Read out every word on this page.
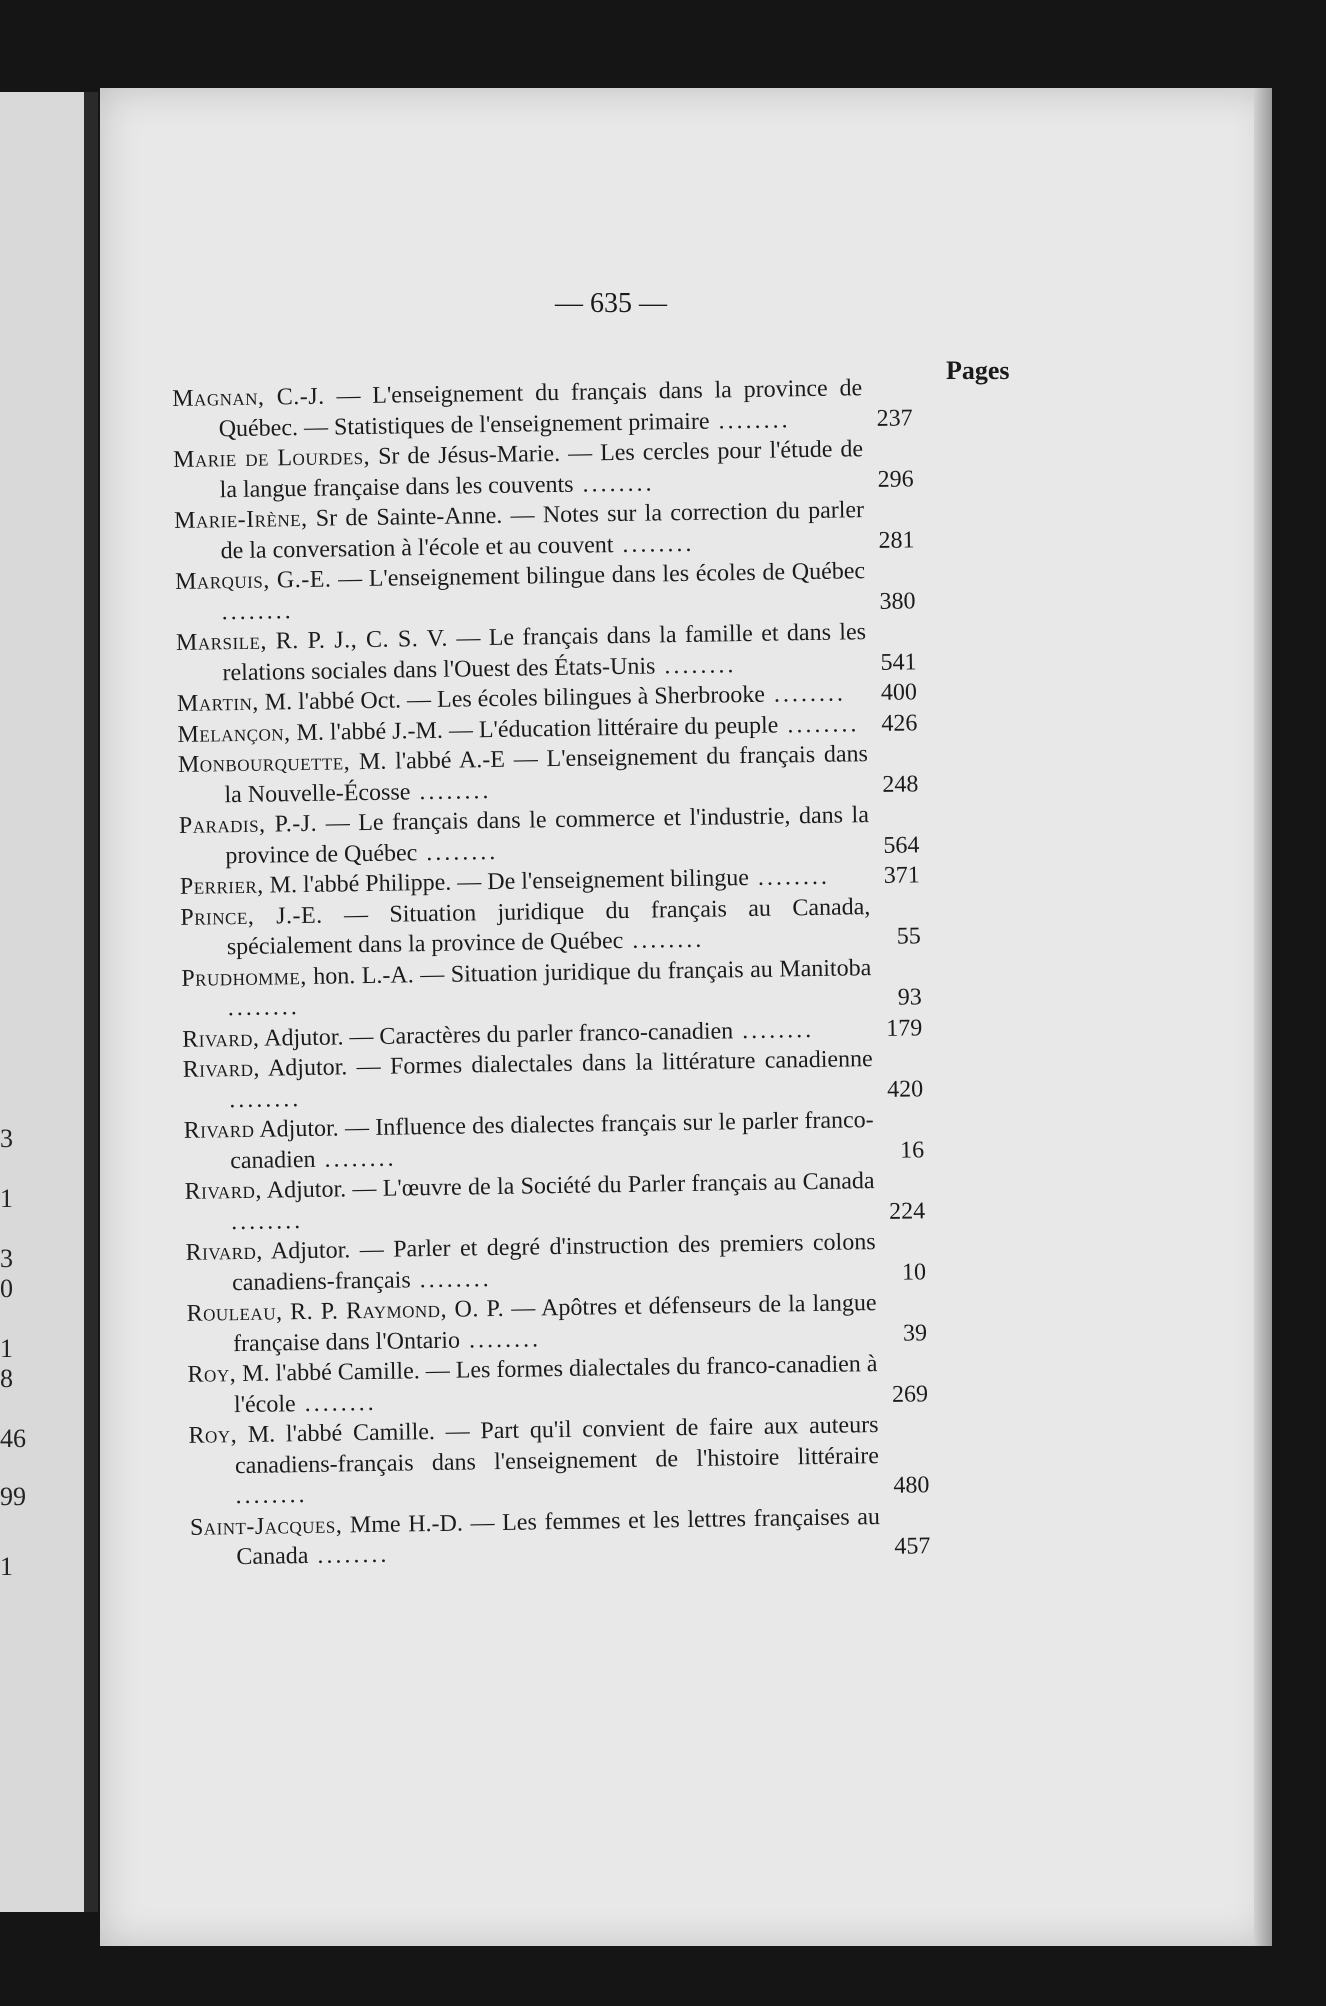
3
1
3
0
1
8
46
99
1
— 635 —
Pages
Magnan, C.-J. — L'enseignement du français dans la province de Québec. — Statistiques de l'enseignement primaire ........	237
Marie de Lourdes, Sr de Jésus-Marie. — Les cercles pour l'étude de la langue française dans les couvents ........	296
Marie-Irène, Sr de Sainte-Anne. — Notes sur la correction du parler de la conversation à l'école et au couvent ........	281
Marquis, G.-E. — L'enseignement bilingue dans les écoles de Québec ........	380
Marsile, R. P. J., C. S. V. — Le français dans la famille et dans les relations sociales dans l'Ouest des États-Unis ........	541
Martin, M. l'abbé Oct. — Les écoles bilingues à Sherbrooke ........	400
Melançon, M. l'abbé J.-M. — L'éducation littéraire du peuple ........ 426
Monbourquette, M. l'abbé A.-E — L'enseignement du français dans la Nouvelle-Écosse ........	248
Paradis, P.-J. — Le français dans le commerce et l'industrie, dans la province de Québec ........	564
Perrier, M. l'abbé Philippe. — De l'enseignement bilingue ........	371
Prince, J.-E. — Situation juridique du français au Canada, spécialement dans la province de Québec ........	55
Prudhomme, hon. L.-A. — Situation juridique du français au Manitoba ........	93
Rivard, Adjutor. — Caractères du parler franco-canadien ........	179
Rivard, Adjutor. — Formes dialectales dans la littérature canadienne ........	420
Rivard Adjutor. — Influence des dialectes français sur le parler franco-canadien ........	16
Rivard, Adjutor. — L'œuvre de la Société du Parler français au Canada ........	224
Rivard, Adjutor. — Parler et degré d'instruction des premiers colons canadiens-français ........	10
Rouleau, R. P. Raymond, O. P. — Apôtres et défenseurs de la langue française dans l'Ontario ........	39
Roy, M. l'abbé Camille. — Les formes dialectales du franco-canadien à l'école ........	269
Roy, M. l'abbé Camille. — Part qu'il convient de faire aux auteurs canadiens-français dans l'enseignement de l'histoire littéraire ........	480
Saint-Jacques, Mme H.-D. — Les femmes et les lettres françaises au Canada ........	457
